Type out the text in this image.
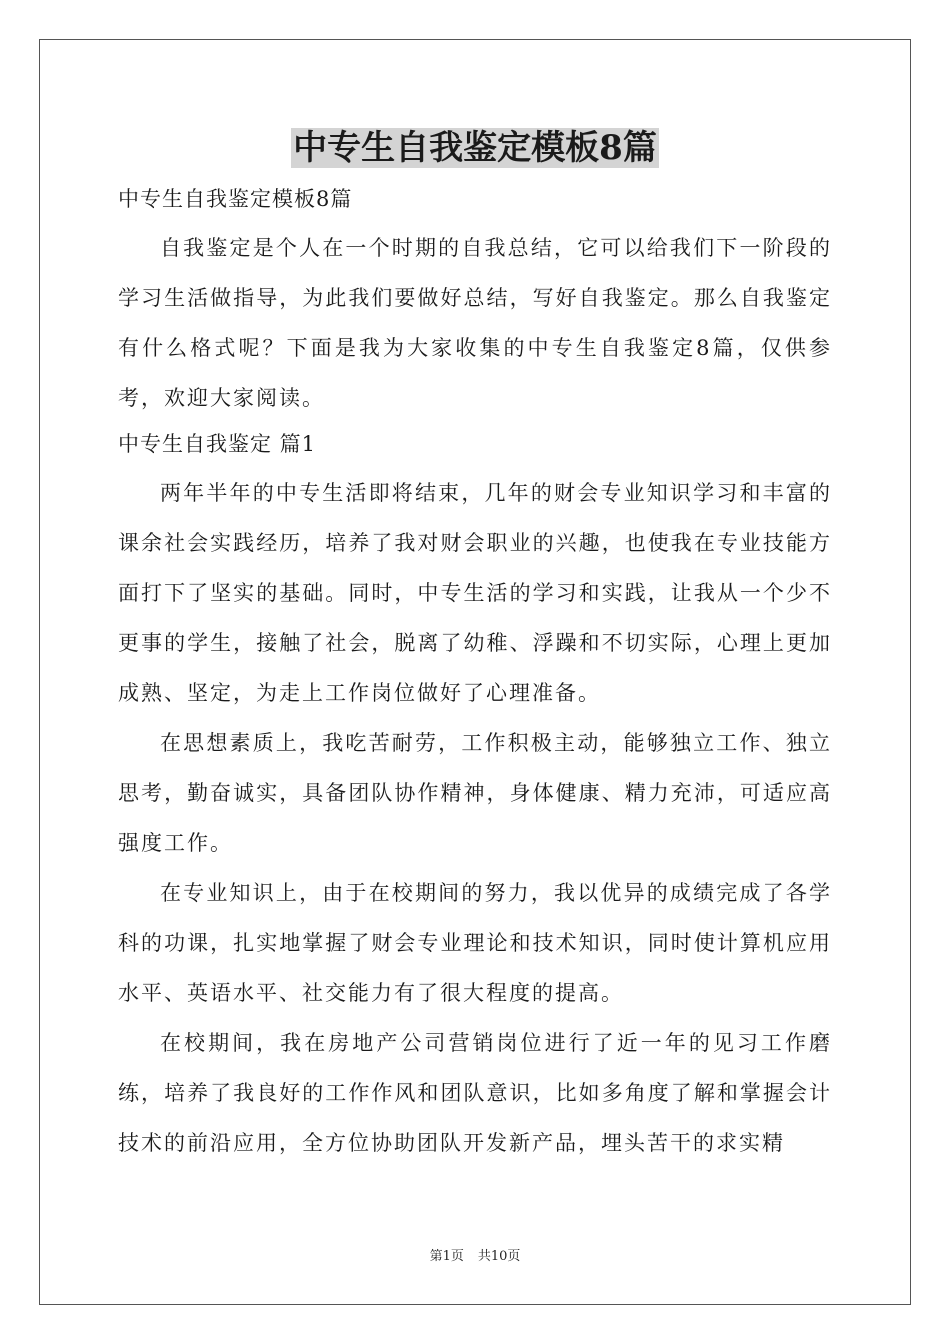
中专生自我鉴定模板8篇

中专生自我鉴定模板8篇

自我鉴定是个人在一个时期的自我总结，它可以给我们下一阶段的学习生活做指导，为此我们要做好总结，写好自我鉴定。那么自我鉴定有什么格式呢？下面是我为大家收集的中专生自我鉴定8篇，仅供参考，欢迎大家阅读。

中专生自我鉴定 篇1

两年半年的中专生活即将结束，几年的财会专业知识学习和丰富的课余社会实践经历，培养了我对财会职业的兴趣，也使我在专业技能方面打下了坚实的基础。同时，中专生活的学习和实践，让我从一个少不更事的学生，接触了社会，脱离了幼稚、浮躁和不切实际，心理上更加成熟、坚定，为走上工作岗位做好了心理准备。

在思想素质上，我吃苦耐劳，工作积极主动，能够独立工作、独立思考，勤奋诚实，具备团队协作精神，身体健康、精力充沛，可适应高强度工作。

在专业知识上，由于在校期间的努力，我以优异的成绩完成了各学科的功课，扎实地掌握了财会专业理论和技术知识，同时使计算机应用水平、英语水平、社交能力有了很大程度的提高。

在校期间，我在房地产公司营销岗位进行了近一年的见习工作磨练，培养了我良好的工作作风和团队意识，比如多角度了解和掌握会计技术的前沿应用，全方位协助团队开发新产品，埋头苦干的求实精

第1页 共10页
